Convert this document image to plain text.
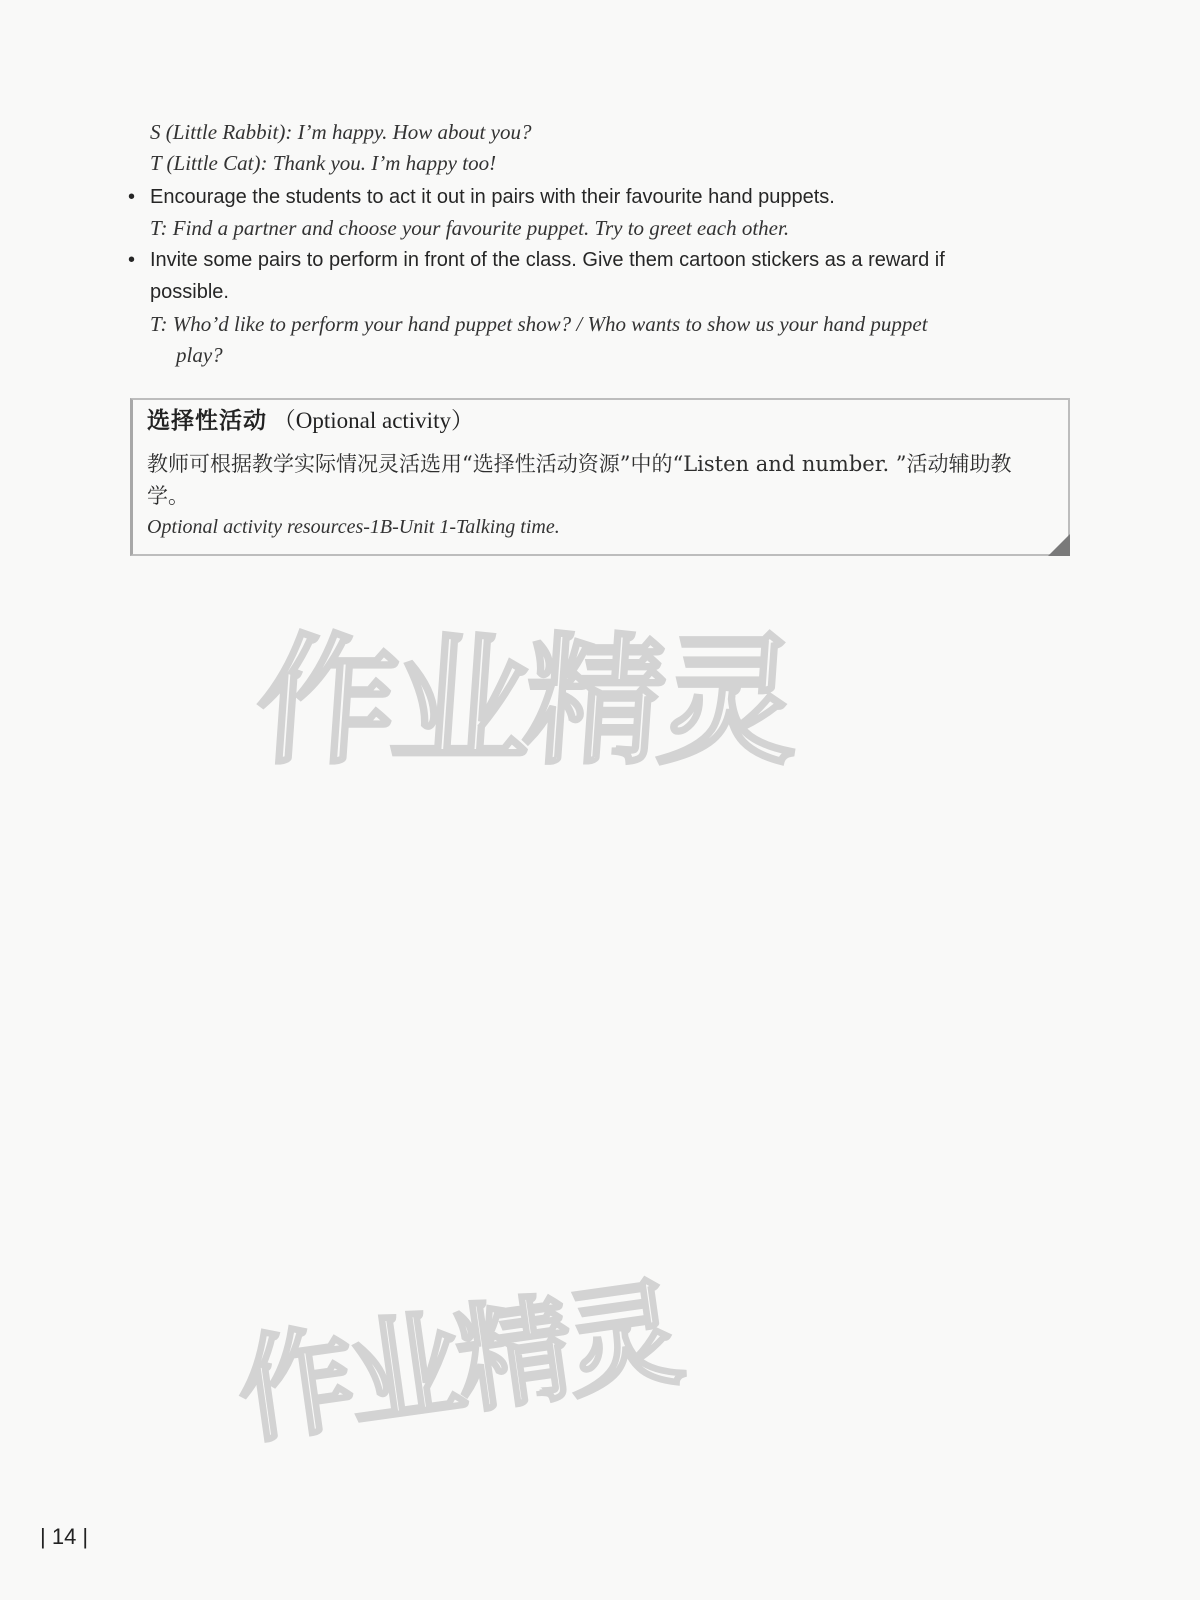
S (Little Rabbit): I’m happy. How about you?
T (Little Cat): Thank you. I’m happy too!
• Encourage the students to act it out in pairs with their favourite hand puppets.
T: Find a partner and choose your favourite puppet. Try to greet each other.
• Invite some pairs to perform in front of the class. Give them cartoon stickers as a reward if
possible.
T: Who’d like to perform your hand puppet show? / Who wants to show us your hand puppet
play?
选择性活动 （Optional activity）
教师可根据教学实际情况灵活选用“选择性活动资源”中的“Listen and number. ”活动辅助教学。
Optional activity resources-1B-Unit 1-Talking time.
作业精灵
作业精灵
| 14 |
